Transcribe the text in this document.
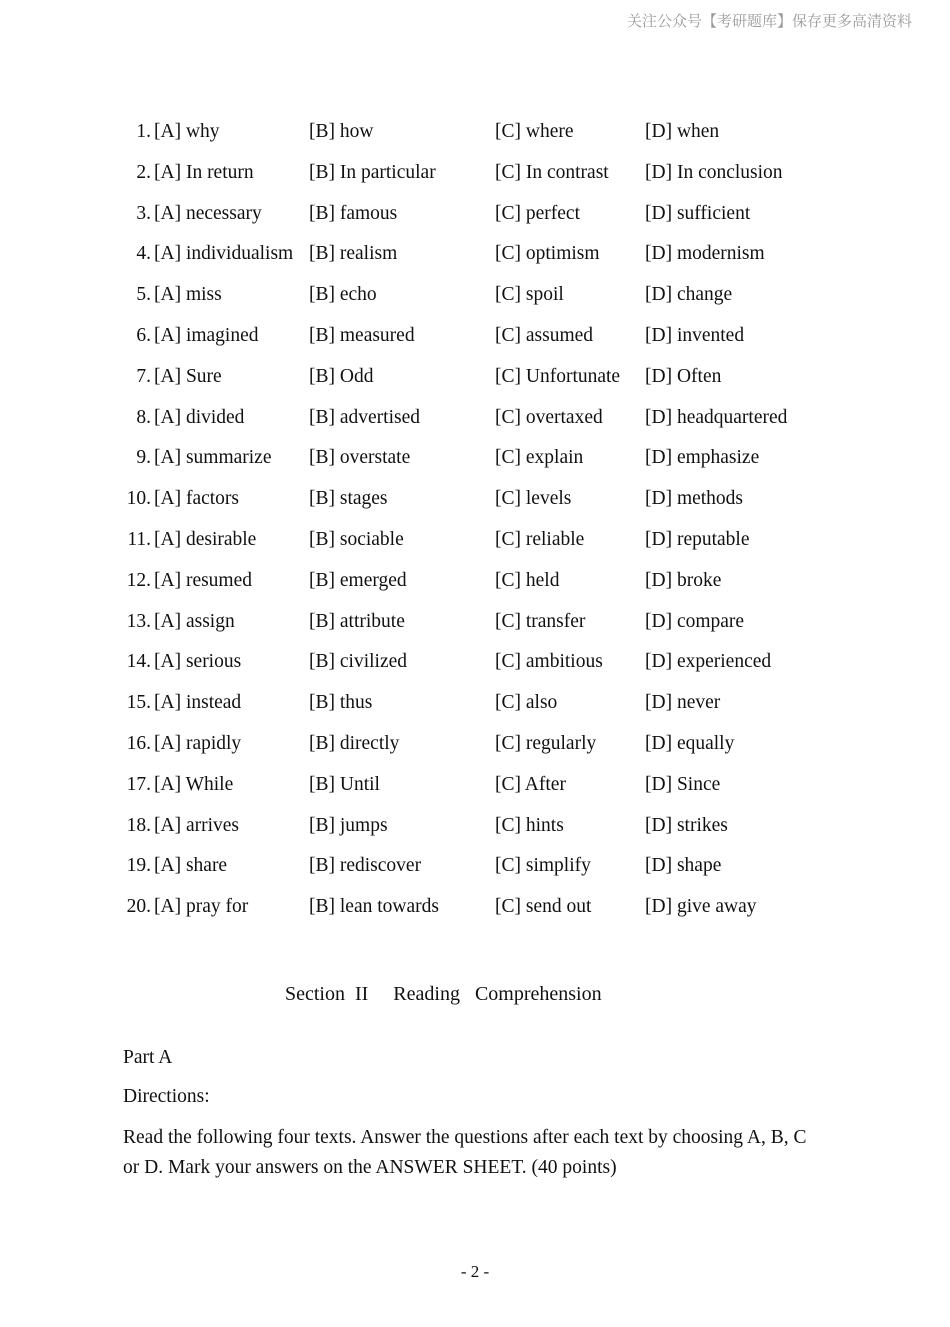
关注公众号【考研题库】保存更多高清资料
1. [A] why	[B] how	[C] where	[D] when
2. [A] In return	[B] In particular	[C] In contrast [D] In conclusion
3. [A] necessary [B] famous	[C] perfect	[D] sufficient
4. [A] individualism [B] realism	[C] optimism [D] modernism
5. [A] miss	[B] echo	[C] spoil	[D] change
6. [A] imagined	[B] measured	[C] assumed	[D] invented
7. [A] Sure	[B] Odd	[C] Unfortunate [D] Often
8. [A] divided	[B] advertised	[C] overtaxed [D] headquartered
9. [A] summarize [B] overstate	[C] explain	[D] emphasize
10. [A] factors	[B] stages	[C] levels	[D] methods
11. [A] desirable	[B] sociable	[C] reliable	[D] reputable
12. [A] resumed	[B] emerged	[C] held	[D] broke
13. [A] assign	[B] attribute	[C] transfer	[D] compare
14. [A] serious	[B] civilized	[C] ambitious [D] experienced
15. [A] instead	[B] thus	[C] also	[D] never
16. [A] rapidly	[B] directly	[C] regularly [D] equally
17. [A] While	[B] Until	[C] After	[D] Since
18. [A] arrives	[B] jumps	[C] hints	[D] strikes
19. [A] share	[B] rediscover	[C] simplify	[D] shape
20. [A] pray for	[B] lean towards	[C] send out	[D] give away
Section  II     Reading   Comprehension
Part A
Directions:
Read the following four texts. Answer the questions after each text by choosing A, B, C or D. Mark your answers on the ANSWER SHEET. (40 points)
- 2 -
